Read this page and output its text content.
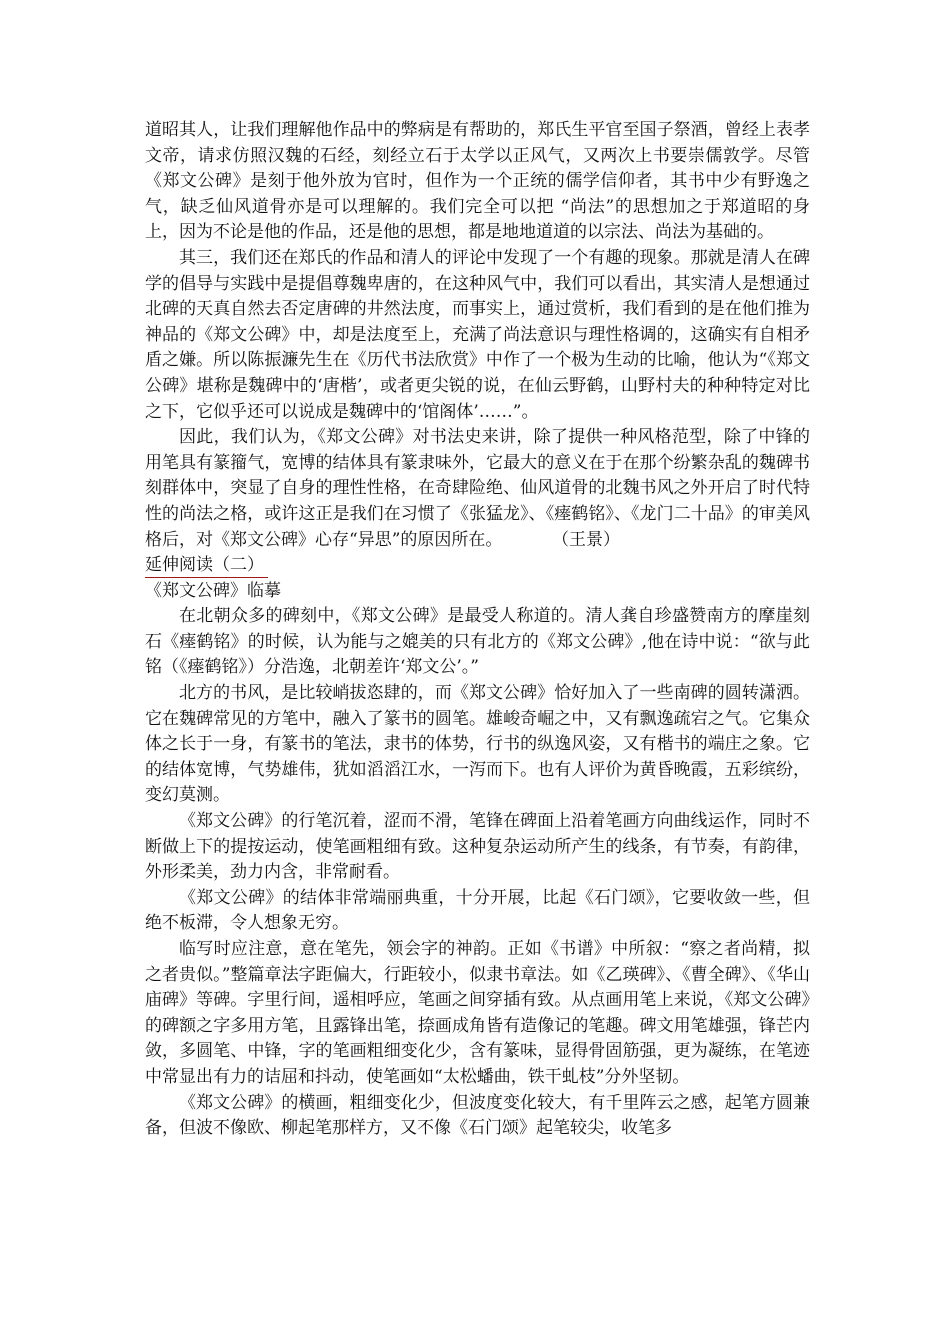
道昭其人，让我们理解他作品中的弊病是有帮助的，郑氏生平官至国子祭酒，曾经上表孝文帝，请求仿照汉魏的石经，刻经立石于太学以正风气，又两次上书要崇儒敦学。尽管《郑文公碑》是刻于他外放为官时，但作为一个正统的儒学信仰者，其书中少有野逸之气，缺乏仙风道骨亦是可以理解的。我们完全可以把 “尚法”的思想加之于郑道昭的身上，因为不论是他的作品，还是他的思想，都是地地道道的以宗法、尚法为基础的。

其三，我们还在郑氏的作品和清人的评论中发现了一个有趣的现象。那就是清人在碑学的倡导与实践中是提倡尊魏卑唐的，在这种风气中，我们可以看出，其实清人是想通过北碑的天真自然去否定唐碑的井然法度，而事实上，通过赏析，我们看到的是在他们推为神品的《郑文公碑》中，却是法度至上，充满了尚法意识与理性格调的，这确实有自相矛盾之嫌。所以陈振濂先生在《历代书法欣赏》中作了一个极为生动的比喻，他认为“《郑文公碑》堪称是魏碑中的‘唐楷’，或者更尖锐的说，在仙云野鹤，山野村夫的种种特定对比之下，它似乎还可以说成是魏碑中的‘馆阁体’……”。

因此，我们认为，《郑文公碑》对书法史来讲，除了提供一种风格范型，除了中锋的用笔具有篆籀气，宽博的结体具有篆隶味外，它最大的意义在于在那个纷繁杂乱的魏碑书刻群体中，突显了自身的理性性格，在奇肆险绝、仙风道骨的北魏书风之外开启了时代特性的尚法之格，或许这正是我们在习惯了《张猛龙》、《瘗鹤铭》、《龙门二十品》的审美风格后，对《郑文公碑》心存“异思”的原因所在。	（王景）

延伸阅读（二）

《郑文公碑》临摹

在北朝众多的碑刻中，《郑文公碑》是最受人称道的。清人龚自珍盛赞南方的摩崖刻石《瘗鹤铭》的时候，认为能与之媲美的只有北方的《郑文公碑》,他在诗中说：“欲与此铭（《瘗鹤铭》）分浩逸，北朝差许‘郑文公’。”

北方的书风，是比较峭拔恣肆的，而《郑文公碑》恰好加入了一些南碑的圆转潇洒。它在魏碑常见的方笔中，融入了篆书的圆笔。雄峻奇崛之中，又有飘逸疏宕之气。它集众体之长于一身，有篆书的笔法，隶书的体势，行书的纵逸风姿，又有楷书的端庄之象。它的结体宽博，气势雄伟，犹如滔滔江水，一泻而下。也有人评价为黄昏晚霞，五彩缤纷，变幻莫测。

《郑文公碑》的行笔沉着，涩而不滑，笔锋在碑面上沿着笔画方向曲线运作，同时不断做上下的提按运动，使笔画粗细有致。这种复杂运动所产生的线条，有节奏，有韵律，外形柔美，劲力内含，非常耐看。

《郑文公碑》的结体非常端丽典重，十分开展，比起《石门颂》，它要收敛一些，但绝不板滞，令人想象无穷。

临写时应注意，意在笔先，领会字的神韵。正如《书谱》中所叙：“察之者尚精，拟之者贵似。”整篇章法字距偏大，行距较小，似隶书章法。如《乙瑛碑》、《曹全碑》、《华山庙碑》等碑。字里行间，遥相呼应，笔画之间穿插有致。从点画用笔上来说，《郑文公碑》的碑额之字多用方笔，且露锋出笔，捺画成角皆有造像记的笔趣。碑文用笔雄强，锋芒内敛，多圆笔、中锋，字的笔画粗细变化少，含有篆味，显得骨固筋强，更为凝练，在笔迹中常显出有力的诘屈和抖动，使笔画如“太松蟠曲，铁干虬枝”分外坚韧。

《郑文公碑》的横画，粗细变化少，但波度变化较大，有千里阵云之感，起笔方圆兼备，但波不像欧、柳起笔那样方，又不像《石门颂》起笔较尖，收笔多
